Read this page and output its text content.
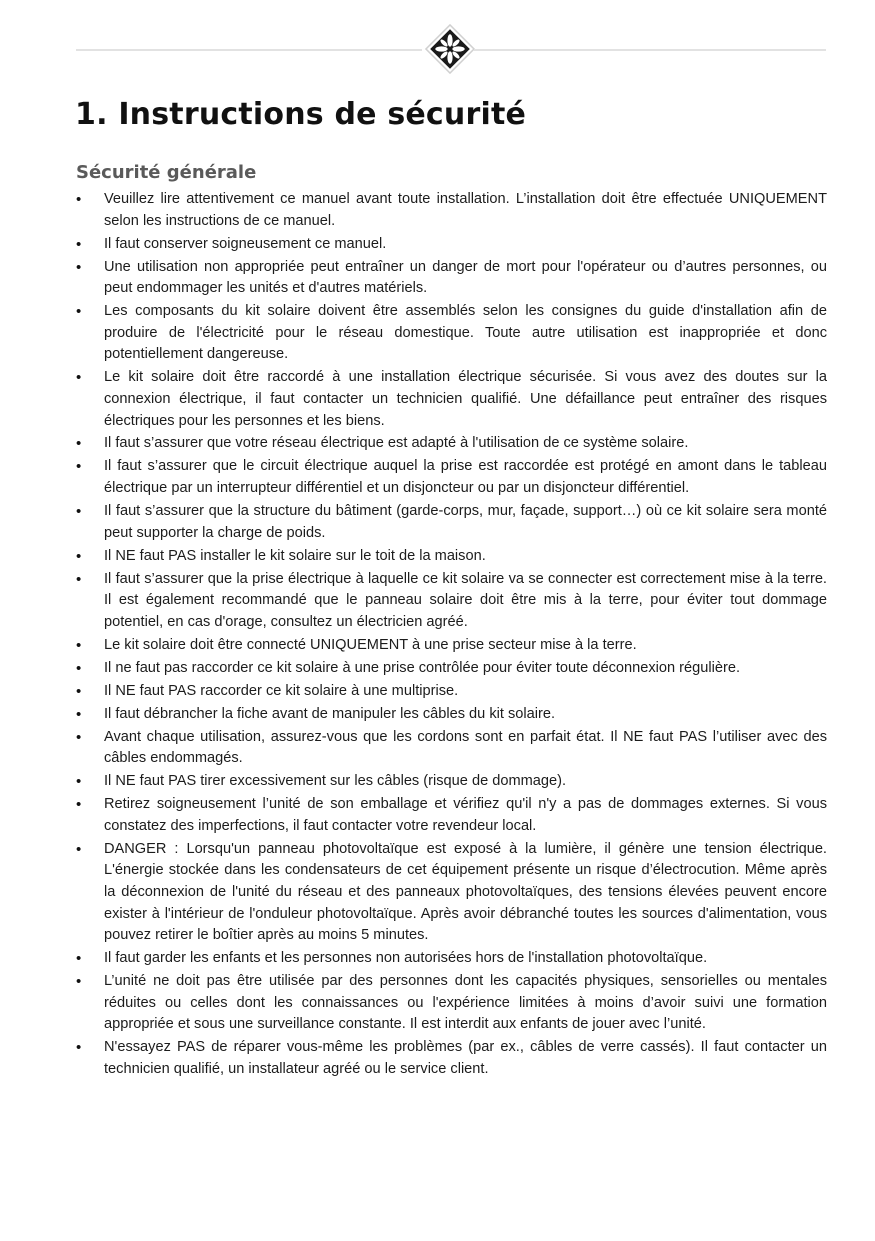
1. Instructions de sécurité
Sécurité générale
• Veuillez lire attentivement ce manuel avant toute installation. L’installation doit être effectuée UNIQUEMENT selon les instructions de ce manuel.
• Il faut conserver soigneusement ce manuel.
• Une utilisation non appropriée peut entraîner un danger de mort pour l'opérateur ou d’autres personnes, ou peut endommager les unités et d'autres matériels.
• Les composants du kit solaire doivent être assemblés selon les consignes du guide d'installation afin de produire de l'électricité pour le réseau domestique. Toute autre utilisation est inappropriée et donc potentiellement dangereuse.
• Le kit solaire doit être raccordé à une installation électrique sécurisée. Si vous avez des doutes sur la connexion électrique, il faut contacter un technicien qualifié. Une défaillance peut entraîner des risques électriques pour les personnes et les biens.
• Il faut s’assurer que votre réseau électrique est adapté à l'utilisation de ce système solaire.
• Il faut s’assurer que le circuit électrique auquel la prise est raccordée est protégé en amont dans le tableau électrique par un interrupteur différentiel et un disjoncteur ou par un disjoncteur différentiel.
• Il faut s’assurer que la structure du bâtiment (garde-corps, mur, façade, support…) où ce kit solaire sera monté peut supporter la charge de poids.
• Il NE faut PAS installer le kit solaire sur le toit de la maison.
• Il faut s’assurer que la prise électrique à laquelle ce kit solaire va se connecter est correctement mise à la terre. Il est également recommandé que le panneau solaire doit être mis à la terre, pour éviter tout dommage potentiel, en cas d'orage, consultez un électricien agréé.
• Le kit solaire doit être connecté UNIQUEMENT à une prise secteur mise à la terre.
• Il ne faut pas raccorder ce kit solaire à une prise contrôlée pour éviter toute déconnexion régulière.
• Il NE faut PAS raccorder ce kit solaire à une multiprise.
• Il faut débrancher la fiche avant de manipuler les câbles du kit solaire.
• Avant chaque utilisation, assurez-vous que les cordons sont en parfait état. Il NE faut PAS l’utiliser avec des câbles endommagés.
• Il NE faut PAS tirer excessivement sur les câbles (risque de dommage).
• Retirez soigneusement l’unité de son emballage et vérifiez qu'il n'y a pas de dommages externes. Si vous constatez des imperfections, il faut contacter votre revendeur local.
• DANGER : Lorsqu'un panneau photovoltaïque est exposé à la lumière, il génère une tension électrique. L'énergie stockée dans les condensateurs de cet équipement présente un risque d’électrocution. Même après la déconnexion de l'unité du réseau et des panneaux photovoltaïques, des tensions élevées peuvent encore exister à l'intérieur de l'onduleur photovoltaïque. Après avoir débranché toutes les sources d'alimentation, vous pouvez retirer le boîtier après au moins 5 minutes.
• Il faut garder les enfants et les personnes non autorisées hors de l'installation photovoltaïque.
• L’unité ne doit pas être utilisée par des personnes dont les capacités physiques, sensorielles ou mentales réduites ou celles dont les connaissances ou l'expérience limitées à moins d’avoir suivi une formation appropriée et sous une surveillance constante. Il est interdit aux enfants de jouer avec l’unité.
• N'essayez PAS de réparer vous-même les problèmes (par ex., câbles de verre cassés). Il faut contacter un technicien qualifié, un installateur agréé ou le service client.
